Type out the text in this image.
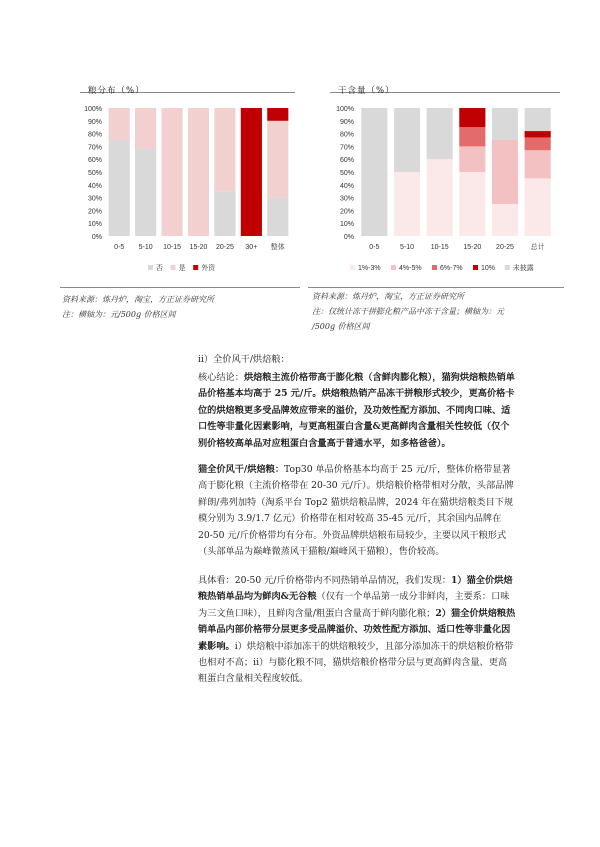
粮分布（%）
0%
10%
20%
30%
40%
50%
60%
70%
80%
90%
100%
0-5 5-10 10-15 15-20 20-25 30+ 整体
否 是 外资
干含量（%）
0%
10%
20%
30%
40%
50%
60%
70%
80%
90%
100%
0-5	5-10 10-15 15-20 20-25 总计
1%-3%	4%-5%	6%-7%	10%	未披露
资料来源：炼丹炉，淘宝，方正证券研究所
注：横轴为：元/500g 价格区间
资料来源：炼丹炉，淘宝，方正证券研究所
注：仅统计冻干拼膨化粮产品中冻干含量；横轴为：元
/500g 价格区间

ii）全价风干/烘焙粮：

核心结论：烘焙粮主流价格带高于膨化粮（含鲜肉膨化粮），猫狗烘焙粮热销单品价格基本均高于 25 元/斤。烘焙粮热销产品冻干拼粮形式较少，更高价格卡位的烘焙粮更多受品牌效应带来的溢价，及功效性配方添加、不同肉口味、适口性等非量化因素影响，与更高粗蛋白含量&更高鲜肉含量相关性较低（仅个别价格较高单品对应粗蛋白含量高于普通水平，如多格爸爸）。

猫全价风干/烘焙粮：Top30 单品价格基本均高于 25 元/斤，整体价格带显著高于膨化粮（主流价格带在 20-30 元/斤）。烘焙粮价格带相对分散，头部品牌鲜朗/弗列加特（淘系平台 Top2 猫烘焙粮品牌，2024 年在猫烘焙粮类目下规模分别为 3.9/1.7 亿元）价格带在相对较高 35-45 元/斤，其余国内品牌在 20-50 元/斤价格带均有分布。外资品牌烘焙粮布局较少，主要以风干粮形式（头部单品为巅峰微蒸风干猫粮/巅峰风干猫粮），售价较高。

具体看：20-50 元/斤价格带内不同热销单品情况，我们发现：1）猫全价烘焙粮热销单品均为鲜肉&无谷粮（仅有一个单品第一成分非鲜肉，主要系：口味为三文鱼口味），且鲜肉含量/粗蛋白含量高于鲜肉膨化粮；2）猫全价烘焙粮热销单品内部价格带分层更多受品牌溢价、功效性配方添加、适口性等非量化因素影响。i）烘焙粮中添加冻干的烘焙粮较少，且部分添加冻干的烘焙粮价格带也相对不高；ii）与膨化粮不同，猫烘焙粮价格带分层与更高鲜肉含量、更高粗蛋白含量相关程度较低。
